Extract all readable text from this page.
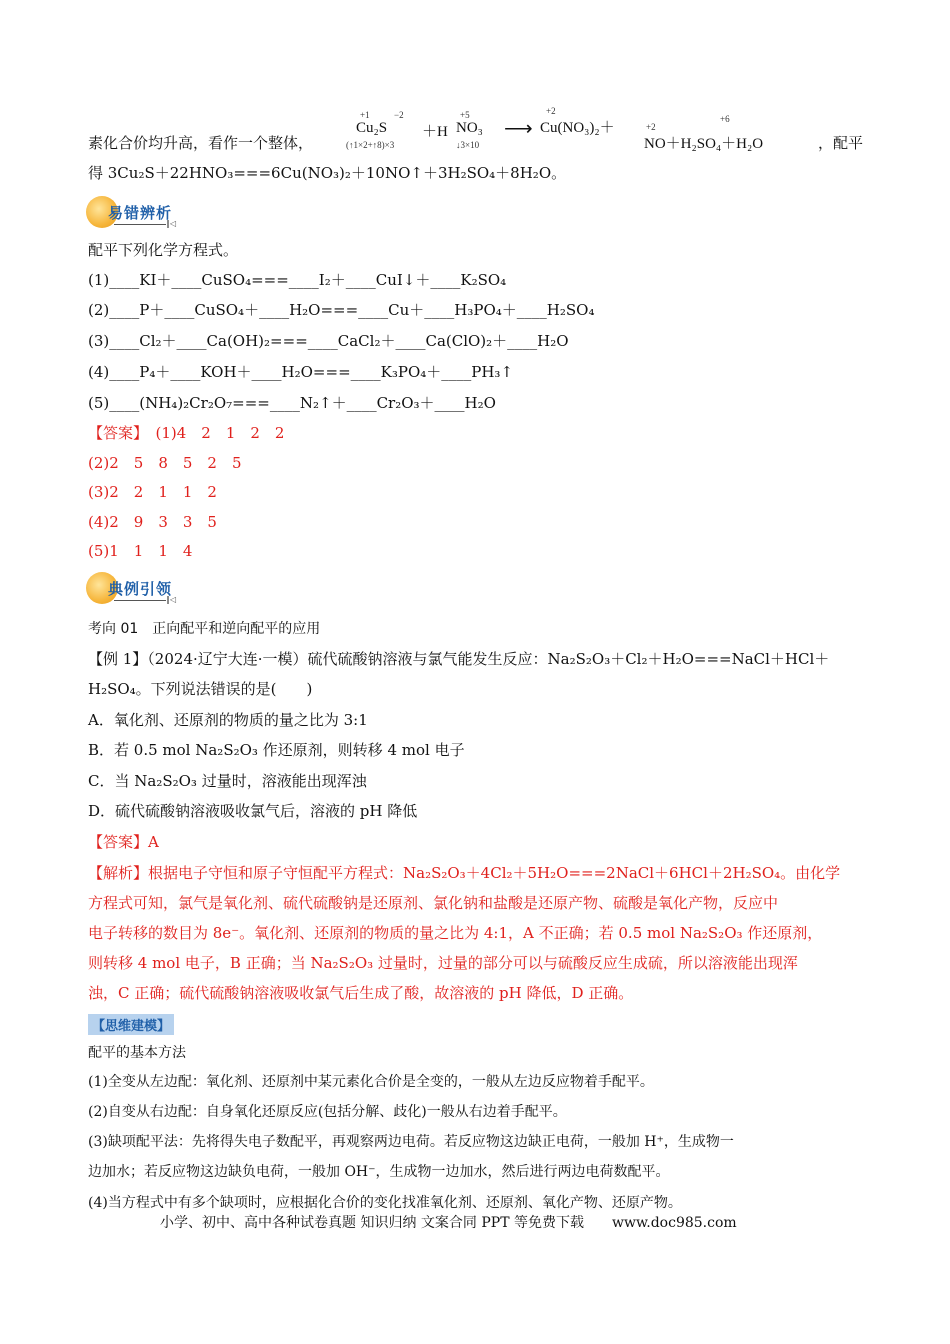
素化合价均升高，看作一个整体，	，配平
+1	−2
Cu₂S
(↑1×2+↑8)×3
＋H
+5
NO₃
↓3×10
⟶
+2
Cu(NO₃)₂＋	+2
+6
NO＋H₂SO₄＋H₂O
得 3Cu₂S＋22HNO₃===6Cu(NO₃)₂＋10NO↑＋3H₂SO₄＋8H₂O。
易错辨析
‖◁
配平下列化学方程式。
(1)____KI＋____CuSO₄===____I₂＋____CuI↓＋____K₂SO₄
(2)____P＋____CuSO₄＋____H₂O===____Cu＋____H₃PO₄＋____H₂SO₄
(3)____Cl₂＋____Ca(OH)₂===____CaCl₂＋____Ca(ClO)₂＋____H₂O
(4)____P₄＋____KOH＋____H₂O===____K₃PO₄＋____PH₃↑
(5)____(NH₄)₂Cr₂O₇===____N₂↑＋____Cr₂O₃＋____H₂O
【答案】　(1)4　2　1　2　2
(2)2　5　8　5　2　5
(3)2　2　1　1　2
(4)2　9　3　3　5
(5)1　1　1　4
典例引领
‖◁
考向 01　正向配平和逆向配平的应用
【例 1】（2024·辽宁大连·一模）硫代硫酸钠溶液与氯气能发生反应：Na₂S₂O₃＋Cl₂＋H₂O===NaCl＋HCl＋
H₂SO₄。下列说法错误的是(　　)
A．氧化剂、还原剂的物质的量之比为 3:1
B．若 0.5 mol Na₂S₂O₃ 作还原剂，则转移 4 mol 电子
C．当 Na₂S₂O₃ 过量时，溶液能出现浑浊
D．硫代硫酸钠溶液吸收氯气后，溶液的 pH 降低
【答案】A
【解析】根据电子守恒和原子守恒配平方程式：Na₂S₂O₃＋4Cl₂＋5H₂O===2NaCl＋6HCl＋2H₂SO₄。由化学
方程式可知，氯气是氧化剂、硫代硫酸钠是还原剂、氯化钠和盐酸是还原产物、硫酸是氧化产物，反应中
电子转移的数目为 8e⁻。氧化剂、还原剂的物质的量之比为 4:1，A 不正确；若 0.5 mol Na₂S₂O₃ 作还原剂，
则转移 4 mol 电子，B 正确；当 Na₂S₂O₃ 过量时，过量的部分可以与硫酸反应生成硫，所以溶液能出现浑
浊，C 正确；硫代硫酸钠溶液吸收氯气后生成了酸，故溶液的 pH 降低，D 正确。
【思维建模】
配平的基本方法
(1)全变从左边配：氧化剂、还原剂中某元素化合价是全变的，一般从左边反应物着手配平。
(2)自变从右边配：自身氧化还原反应(包括分解、歧化)一般从右边着手配平。
(3)缺项配平法：先将得失电子数配平，再观察两边电荷。若反应物这边缺正电荷，一般加 H⁺，生成物一
边加水；若反应物这边缺负电荷，一般加 OH⁻，生成物一边加水，然后进行两边电荷数配平。
(4)当方程式中有多个缺项时，应根据化合价的变化找准氧化剂、还原剂、氧化产物、还原产物。
小学、初中、高中各种试卷真题 知识归纳 文案合同 PPT 等免费下载　　www.doc985.com
